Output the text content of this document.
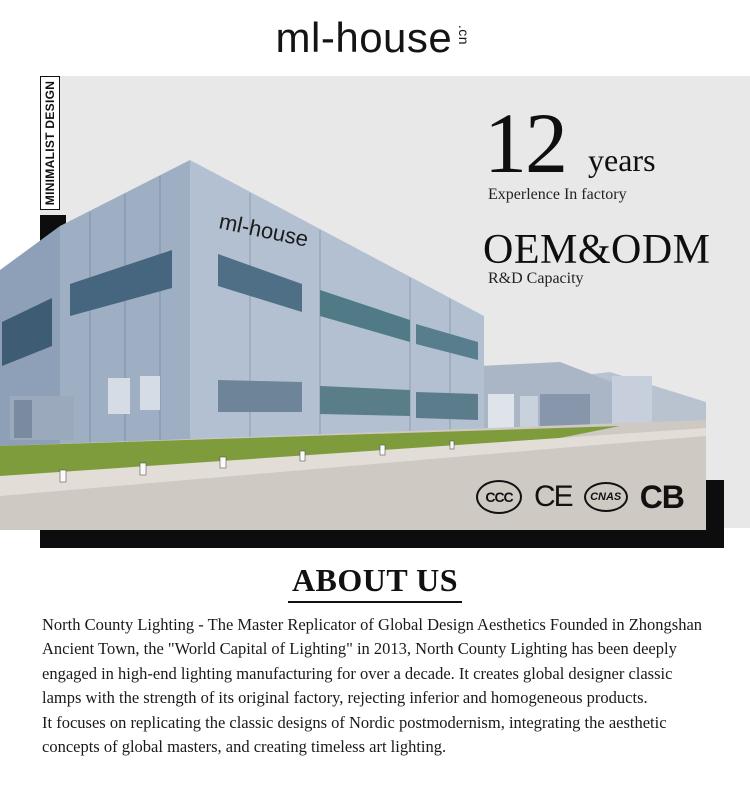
ml-house .cn
MINIMALIST DESIGN
ml-house
12 years
Experlence In factory
OEM&ODM
R&D Capacity
CCC CE CNAS CB
ABOUT US

North County Lighting - The Master Replicator of Global Design Aesthetics Founded in Zhongshan Ancient Town, the "World Capital of Lighting" in 2013, North County Lighting has been deeply engaged in high-end lighting manufacturing for over a decade. It creates global designer classic lamps with the strength of its original factory, rejecting inferior and homogeneous products.

It focuses on replicating the classic designs of Nordic postmodernism, integrating the aesthetic concepts of global masters, and creating timeless art lighting.
